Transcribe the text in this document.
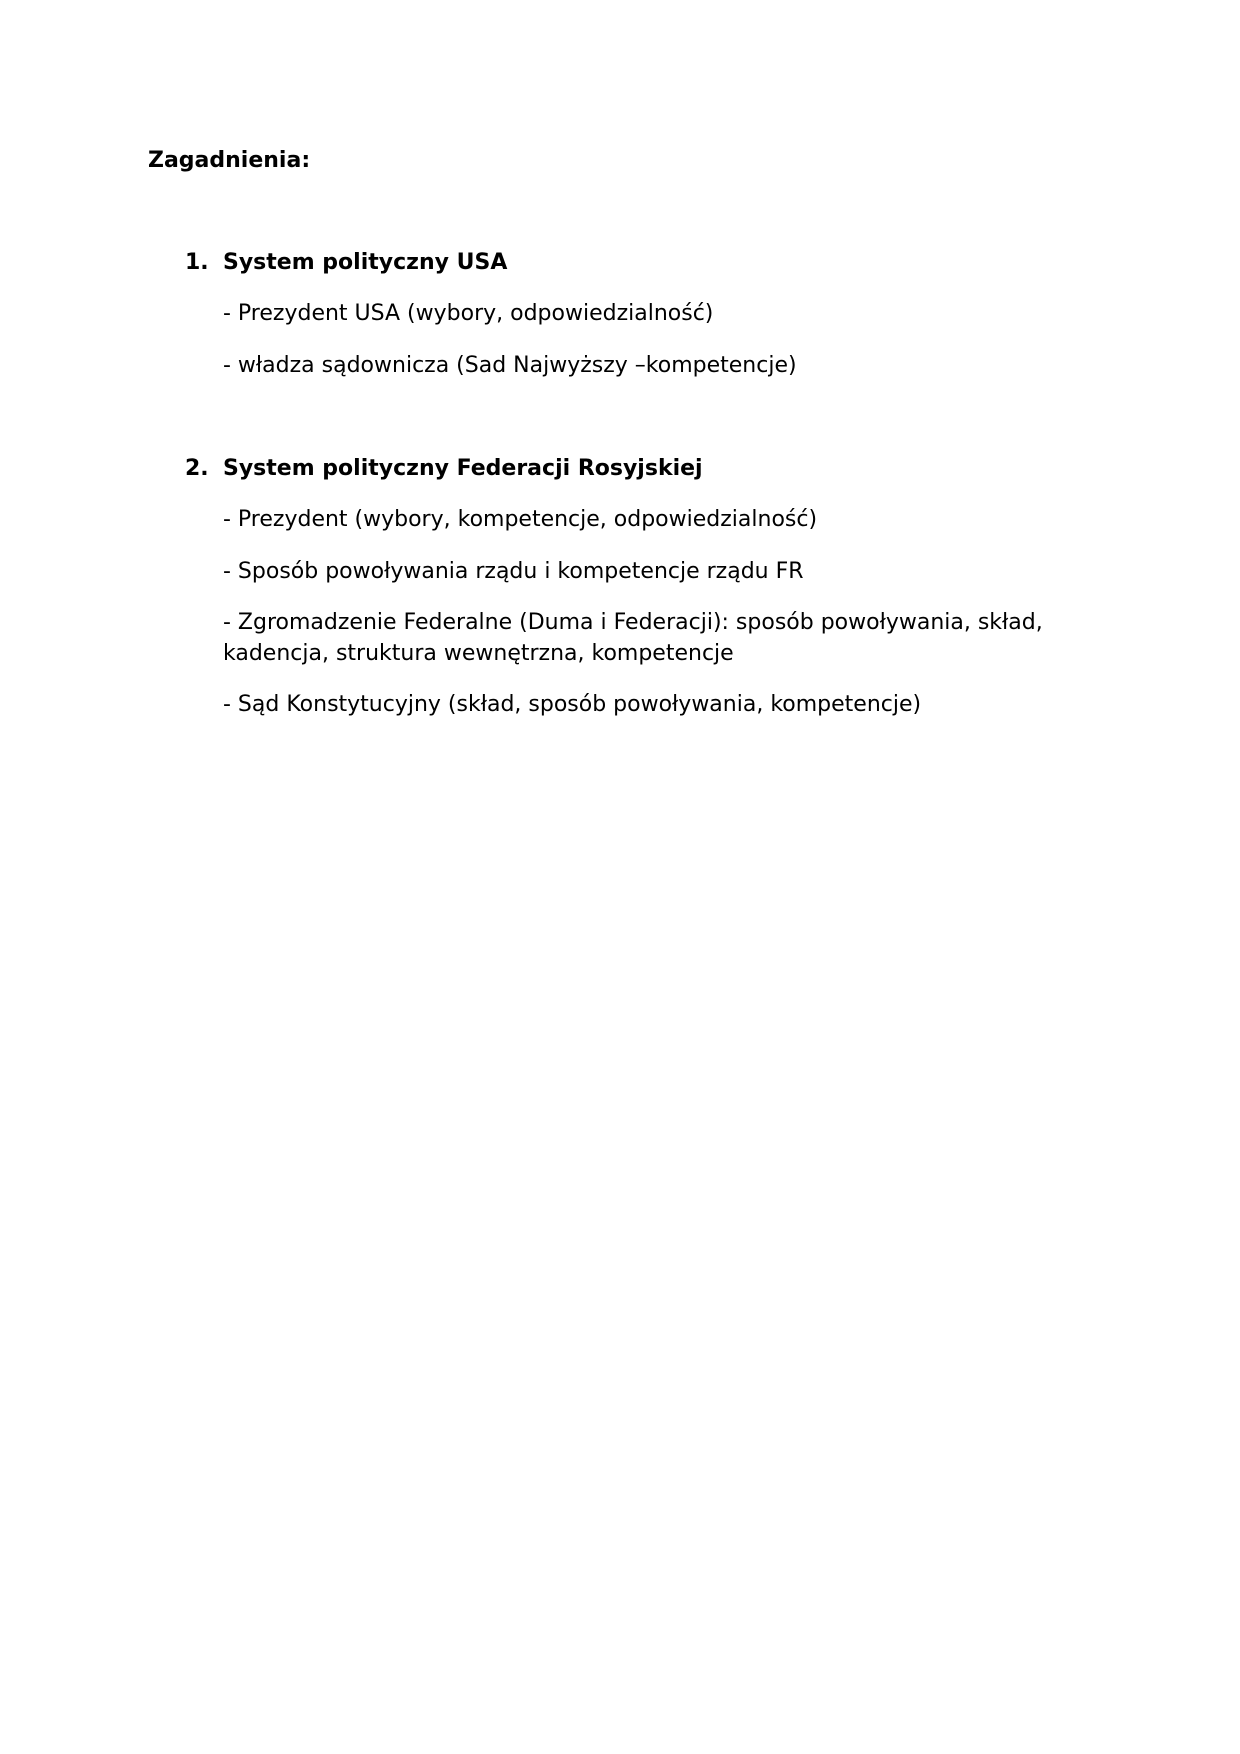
Zagadnienia:
1. System polityczny USA
- Prezydent USA (wybory, odpowiedzialność)
- władza sądownicza (Sad Najwyższy –kompetencje)
2. System polityczny Federacji Rosyjskiej
- Prezydent (wybory, kompetencje, odpowiedzialność)
- Sposób powoływania rządu i kompetencje rządu FR
- Zgromadzenie Federalne (Duma i Federacji): sposób powoływania, skład, kadencja, struktura wewnętrzna, kompetencje
- Sąd Konstytucyjny (skład, sposób powoływania, kompetencje)
